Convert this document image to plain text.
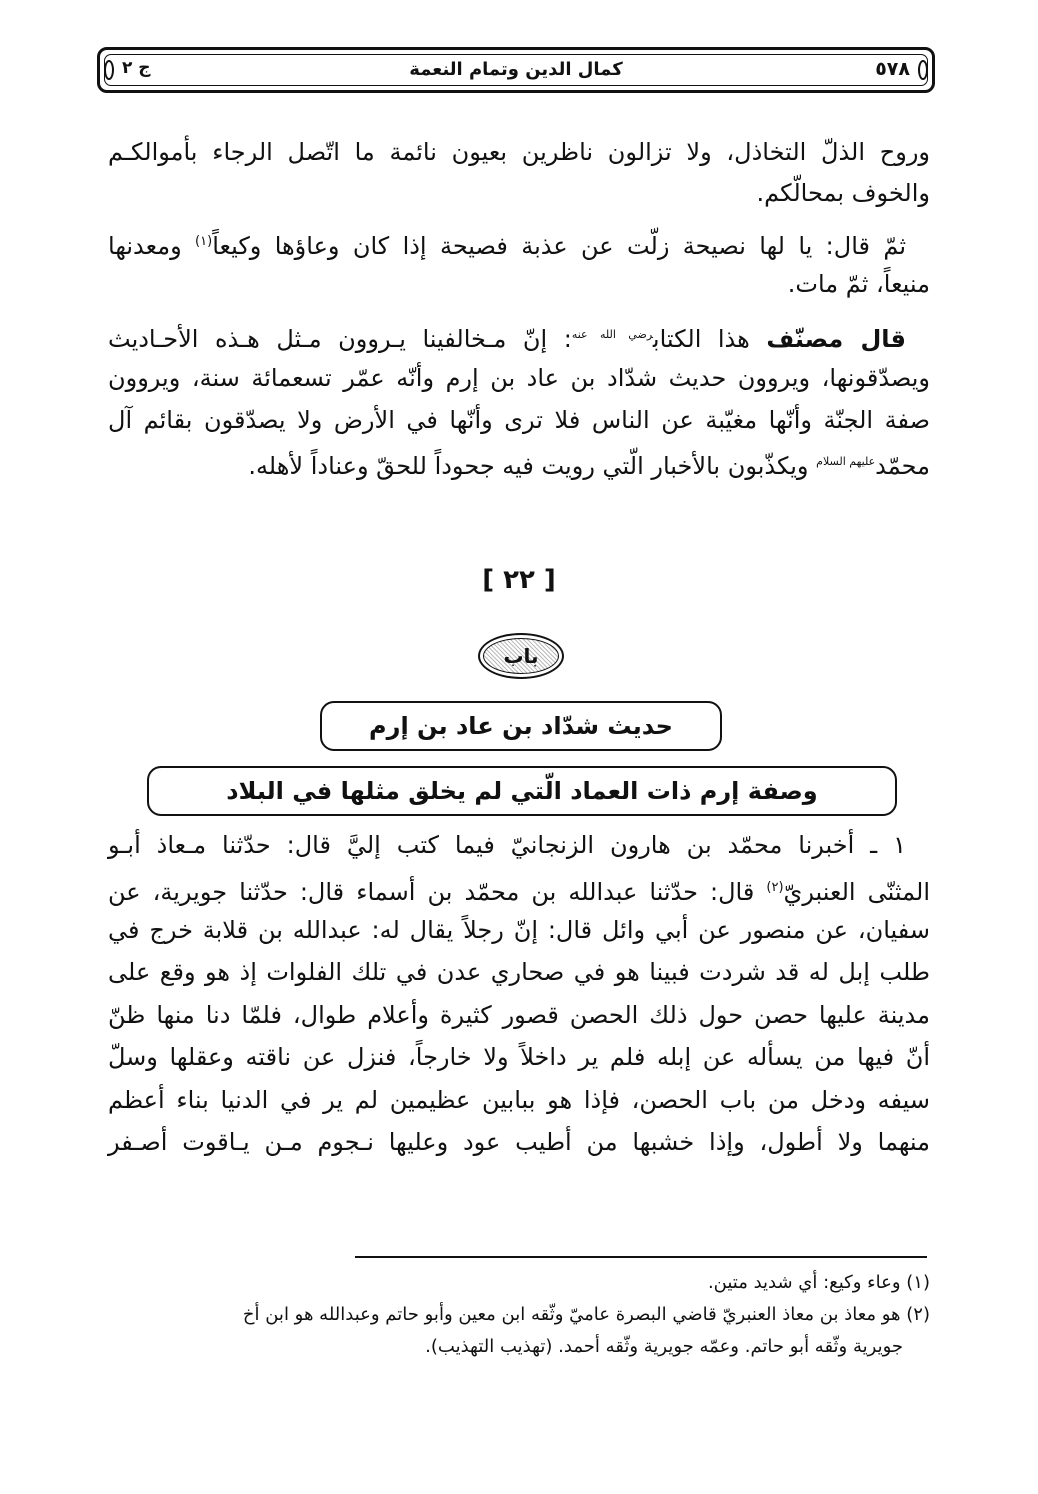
٥٧٨
كمال الدين وتمام النعمة
ج ٢
وروح الذلّ التخاذل، ولا تزالون ناظرين بعيون نائمة ما اتّصل الرجاء بأموالكـم
والخوف بمحالّكم.
ثمّ قال: يا لها نصيحة زلّت عن عذبة فصيحة إذا كان وعاؤها وكيعاً$^{(١)}$ ومعدنها
منيعاً، ثمّ مات.
قال مصنّف هذا الكتاب$^{رضي الله عنه}$: إنّ مـخالفينا يـروون مـثل هـذه الأحـاديث
ويصدّقونها، ويروون حديث شدّاد بن عاد بن إرم وأنّه عمّر تسعمائة سنة، ويروون
صفة الجنّة وأنّها مغيّبة عن الناس فلا ترى وأنّها في الأرض ولا يصدّقون بقائم آل
محمّد$^{عليهم السلام}$ ويكذّبون بالأخبار الّتي رويت فيه جحوداً للحقّ وعناداً لأهله.
[ ٢٢ ]
باب
حديث شدّاد بن عاد بن إرم
وصفة إرم ذات العماد الّتي لم يخلق مثلها في البلاد
١ ـ أخبرنا محمّد بن هارون الزنجانيّ فيما كتب إليَّ قال: حدّثنا مـعاذ أبـو
المثنّى العنبريّ$^{(٢)}$ قال: حدّثنا عبدالله بن محمّد بن أسماء قال: حدّثنا جويرية، عن
سفيان، عن منصور عن أبي وائل قال: إنّ رجلاً يقال له: عبدالله بن قلابة خرج في
طلب إبل له قد شردت فبينا هو في صحاري عدن في تلك الفلوات إذ هو وقع على
مدينة عليها حصن حول ذلك الحصن قصور كثيرة وأعلام طوال، فلمّا دنا منها ظنّ
أنّ فيها من يسأله عن إبله فلم ير داخلاً ولا خارجاً، فنزل عن ناقته وعقلها وسلّ
سيفه ودخل من باب الحصن، فإذا هو ببابين عظيمين لم ير في الدنيا بناء أعظم
منهما ولا أطول، وإذا خشبها من أطيب عود وعليها نـجوم مـن يـاقوت أصـفر
(١) وعاء وكيع: أي شديد متين.
(٢) هو معاذ بن معاذ العنبريّ قاضي البصرة عاميّ وثّقه ابن معين وأبو حاتم وعبدالله هو ابن أخ
جويرية وثّقه أبو حاتم. وعمّه جويرية وثّقه أحمد. (تهذيب التهذيب).
